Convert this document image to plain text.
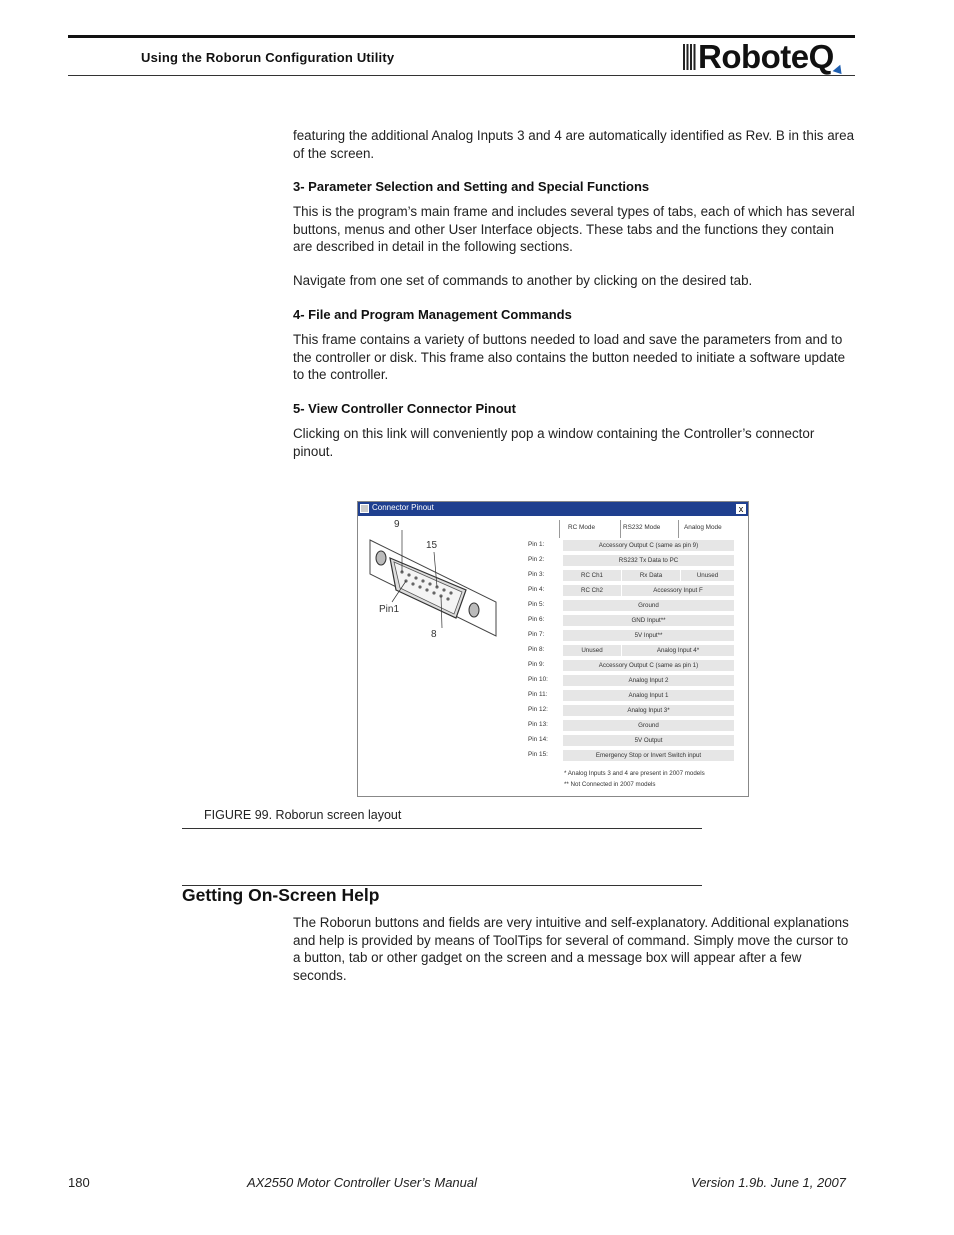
Using the Roborun Configuration Utility	RoboteQ
featuring the additional Analog Inputs 3 and 4 are automatically identified as Rev. B in this area of the screen.
3- Parameter Selection and Setting and Special Functions
This is the program’s main frame and includes several types of tabs, each of which has several buttons, menus and other User Interface objects. These tabs and the functions they contain are described in detail in the following sections.
Navigate from one set of commands to another by clicking on the desired tab.
4- File and Program Management Commands
This frame contains a variety of buttons needed to load and save the parameters from and to the controller or disk. This frame also contains the button needed to initiate a software update to the controller.
5- View Controller Connector Pinout
Clicking on this link will conveniently pop a window containing the Controller’s connector pinout.
Connector Pinout	x
9
15
Pin1
8
RC Mode	RS232 Mode	Analog Mode
Pin 1:	Accessory Output C (same as pin 9)
Pin 2:	RS232 Tx Data to PC
Pin 3:	RC Ch1	Rx Data	Unused
Pin 4:	RC Ch2	Accessory Input F
Pin 5:	Ground
Pin 6:	GND Input**
Pin 7:	5V Input**
Pin 8:	Unused	Analog Input 4*
Pin 9:	Accessory Output C (same as pin 1)
Pin 10:	Analog Input 2
Pin 11:	Analog Input 1
Pin 12:	Analog Input 3*
Pin 13:	Ground
Pin 14:	5V Output
Pin 15:	Emergency Stop or Invert Switch input
* Analog Inputs 3 and 4 are present in 2007 models
** Not Connected in 2007 models
FIGURE 99. Roborun screen layout
Getting On-Screen Help
The Roborun buttons and fields are very intuitive and self-explanatory. Additional explanations and help is provided by means of ToolTips for several of command. Simply move the cursor to a button, tab or other gadget on the screen and a message box will appear after a few seconds.
180	AX2550 Motor Controller User’s Manual	Version 1.9b. June 1, 2007
